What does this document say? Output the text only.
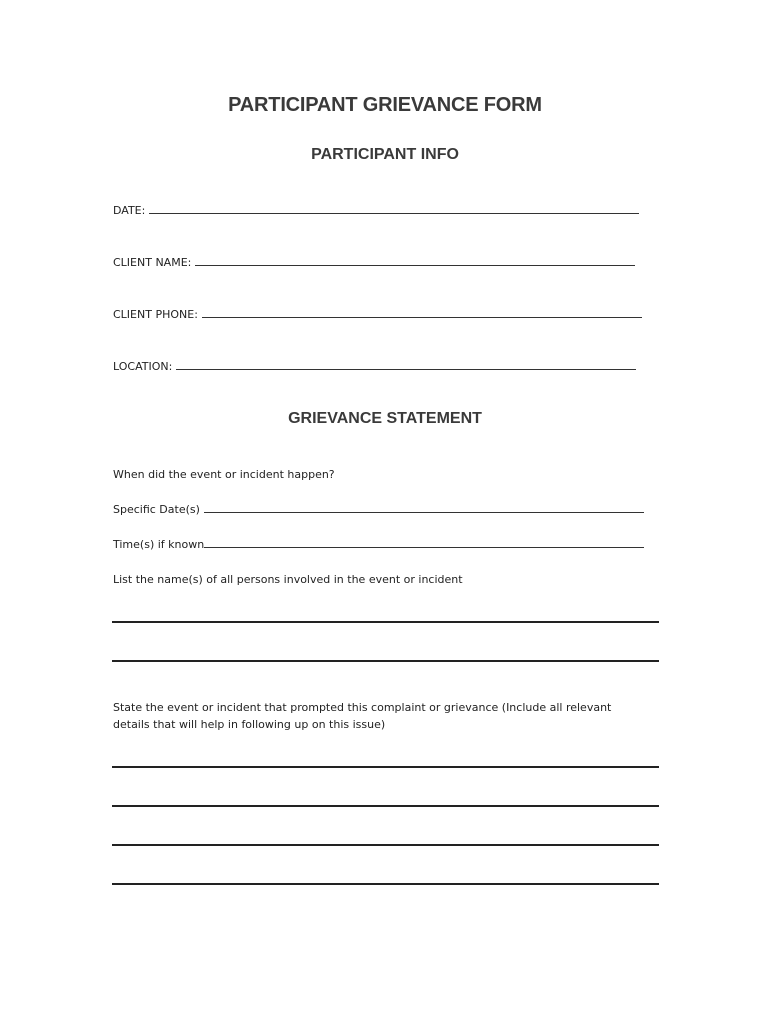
PARTICIPANT GRIEVANCE FORM
PARTICIPANT INFO
DATE:
CLIENT NAME:
CLIENT PHONE:
LOCATION:
GRIEVANCE STATEMENT
When did the event or incident happen?
Specific Date(s)
Time(s) if known
List the name(s) of all persons involved in the event or incident
State the event or incident that prompted this complaint or grievance (Include all relevant
details that will help in following up on this issue)
